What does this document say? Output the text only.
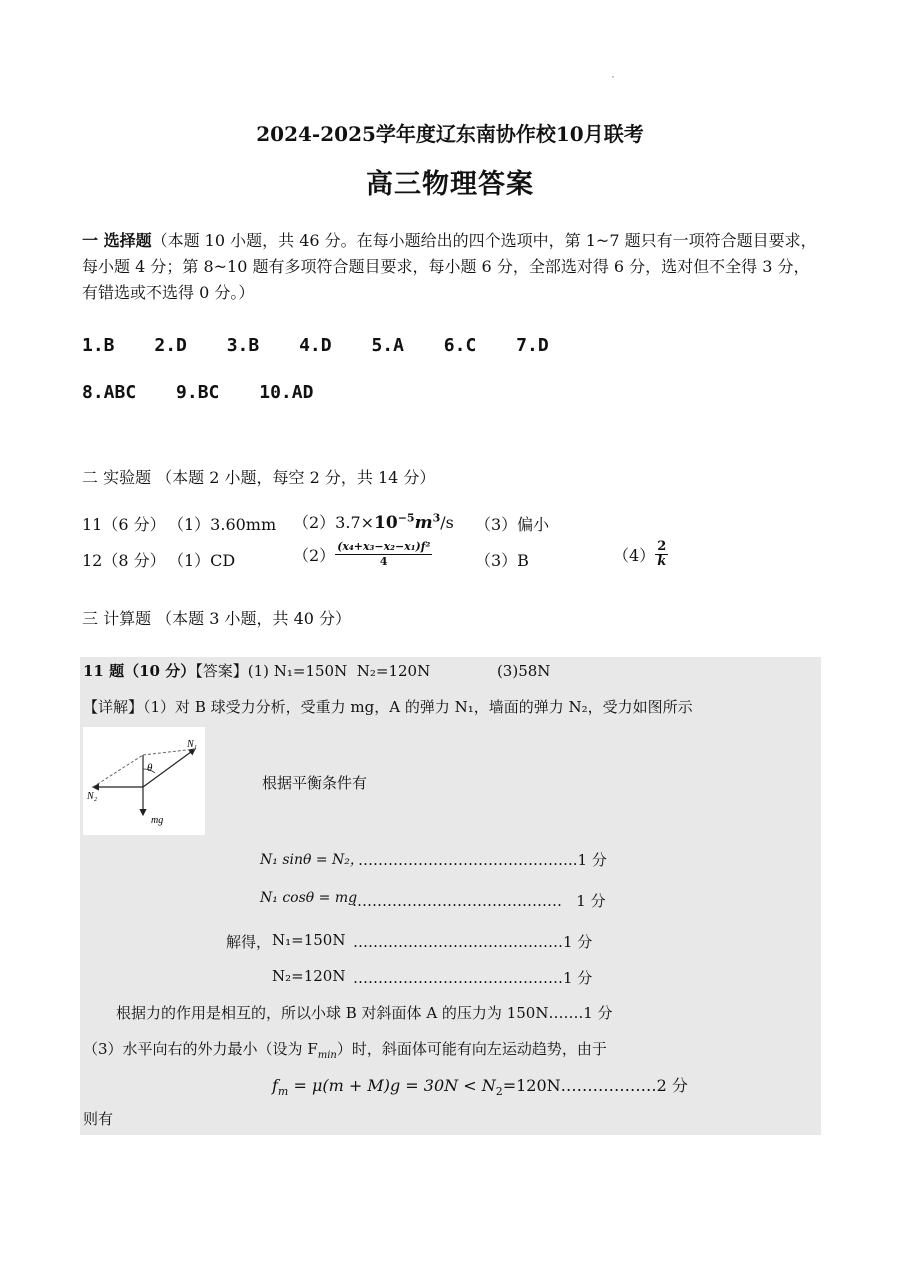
2024-2025学年度辽东南协作校10月联考
高三物理答案
一 选择题（本题 10 小题，共 46 分。在每小题给出的四个选项中，第 1~7 题只有一项符合题目要求，每小题 4 分；第 8~10 题有多项符合题目要求，每小题 6 分，全部选对得 6 分，选对但不全得 3 分，有错选或不选得 0 分。）
1.B 2.D 3.B 4.D 5.A 6.C 7.D
8.ABC 9.BC 10.AD
二 实验题 （本题 2 小题，每空 2 分，共 14 分）
11（6 分） （1）3.60mm $(2)3.7\times 10^{-5}m^3/s$ （3）偏小
12（8 分） （1）CD	$(2) \frac{\text{(x₄+x₃−x₂−x₁)f²}}{4}$	（3）B	$(4) \frac{2}{k}$
三 计算题 （本题 3 小题，共 40 分）
11 题（10 分）【答案】(1) N₁=150N  N₂=120N              (3)58N
【详解】（1）对 B 球受力分析，受重力 mg，A 的弹力 N₁，墙面的弹力 N₂，受力如图所示
N₁
N₂
θ
mg
根据平衡条件有
N₁ sinθ = N₂，
……………………………………..1 分
N₁ cosθ = mg
……………………………………   1 分
解得， N₁=150N ……………………………………1 分
N₂=120N ……………………………………1 分
根据力的作用是相互的，所以小球 B 对斜面体 A 的压力为 150N…….1 分
（3）水平向右的外力最小（设为 $F_{min}$）时，斜面体可能有向左运动趋势，由于
$f_m = \mu(m + M)g = 30N$ < $N_2=120N\dots\dots\dots\dots\dots\dots 2$ 分
则有
